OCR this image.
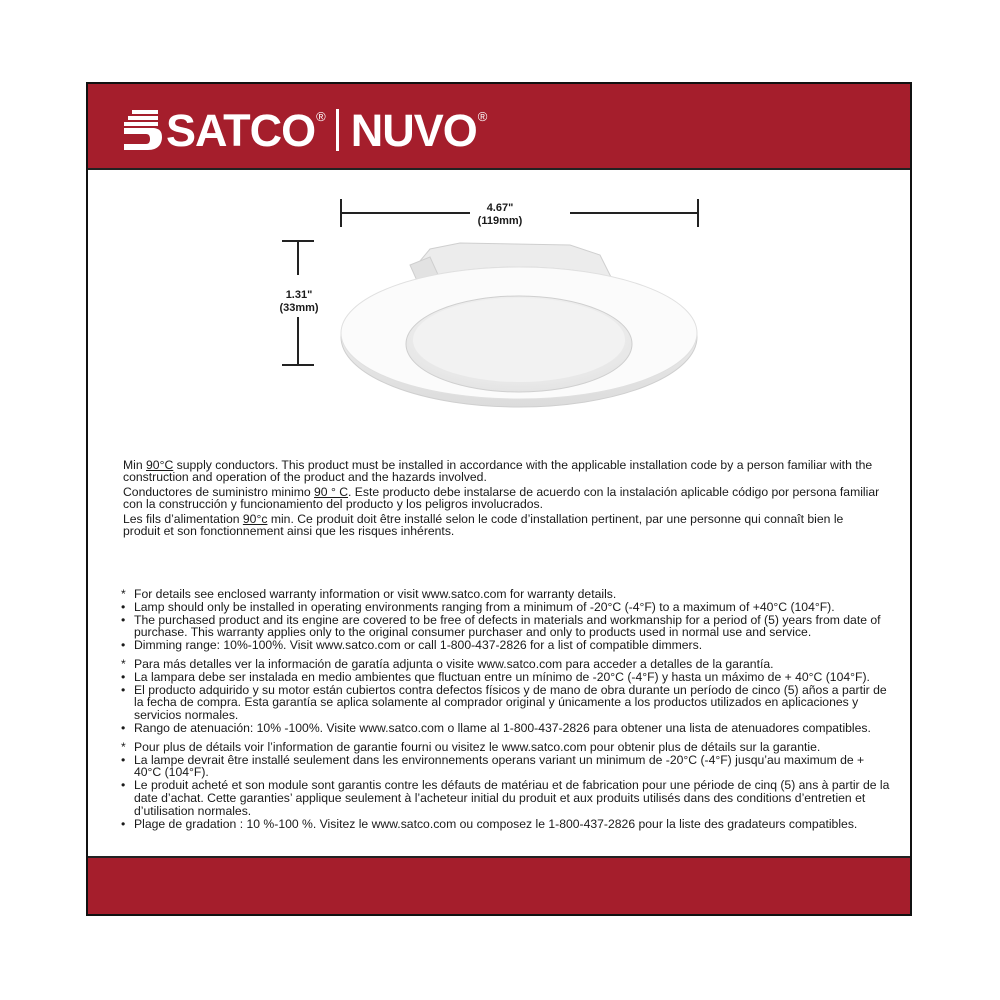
SATCO ® NUVO ®
4.67"
(119mm)
1.31"
(33mm)

Min 90°C supply conductors. This product must be installed in accordance with the applicable installation code by a person familiar with the construction and operation of the product and the hazards involved.

Conductores de suministro minimo 90 ° C. Este producto debe instalarse de acuerdo con la instalación aplicable código por persona familiar con la construcción y funcionamiento del producto y los peligros involucrados.

Les fils d’alimentation 90°c min. Ce produit doit être installé selon le code d’installation pertinent, par une personne qui connaît bien le produit et son fonctionnement ainsi que les risques inhérents.

* For details see enclosed warranty information or visit www.satco.com for warranty details.
• Lamp should only be installed in operating environments ranging from a minimum of -20°C (-4°F) to a maximum of +40°C (104°F).
• The purchased product and its engine are covered to be free of defects in materials and workmanship for a period of (5) years from date of purchase. This warranty applies only to the original consumer purchaser and only to products used in normal use and service.
• Dimming range: 10%-100%. Visit www.satco.com or call 1-800-437-2826 for a list of compatible dimmers.
* Para más detalles ver la información de garatía adjunta o visite www.satco.com para acceder a detalles de la garantía.
• La lampara debe ser instalada en medio ambientes que fluctuan entre un mínimo de -20°C (-4°F) y hasta un máximo de + 40°C (104°F).
• El producto adquirido y su motor están cubiertos contra defectos físicos y de mano de obra durante un período de cinco (5) años a partir de la fecha de compra. Esta garantía se aplica solamente al comprador original y únicamente a los productos utilizados en aplicaciones y servicios normales.
• Rango de atenuación: 10% -100%. Visite www.satco.com o llame al 1-800-437-2826 para obtener una lista de atenuadores compatibles.
* Pour plus de détails voir l’information de garantie fourni ou visitez le www.satco.com pour obtenir plus de détails sur la garantie.
• La lampe devrait être installé seulement dans les environnements operans variant un minimum de -20°C (-4°F) jusqu’au maximum de + 40°C (104°F).
• Le produit acheté et son module sont garantis contre les défauts de matériau et de fabrication pour une période de cinq (5) ans à partir de la date d’achat. Cette garanties’ applique seulement à l’acheteur initial du produit et aux produits utilisés dans des conditions d’entretien et d’utilisation normales.
• Plage de gradation : 10 %-100 %. Visitez le www.satco.com ou composez le 1-800-437-2826 pour la liste des gradateurs compatibles.
